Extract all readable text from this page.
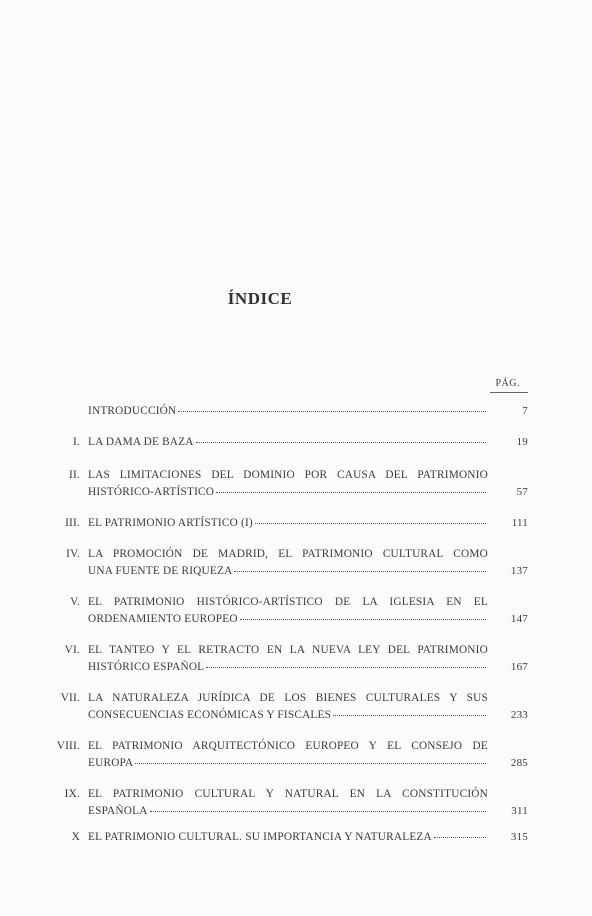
ÍNDICE
PÁG.
INTRODUCCIÓN	7
I. LA DAMA DE BAZA	19
II. LAS LIMITACIONES DEL DOMINIO POR CAUSA DEL PATRIMONIO
HISTÓRICO-ARTÍSTICO	57
III. EL PATRIMONIO ARTÍSTICO (I)	111
IV. LA PROMOCIÓN DE MADRID, EL PATRIMONIO CULTURAL COMO
UNA FUENTE DE RIQUEZA	137
V. EL PATRIMONIO HISTÓRICO-ARTÍSTICO DE LA IGLESIA EN EL
ORDENAMIENTO EUROPEO	147
VI. EL TANTEO Y EL RETRACTO EN LA NUEVA LEY DEL PATRIMONIO
HISTÓRICO ESPAÑOL	167
VII. LA NATURALEZA JURÍDICA DE LOS BIENES CULTURALES Y SUS
CONSECUENCIAS ECONÓMICAS Y FISCALES	233
VIII. EL PATRIMONIO ARQUITECTÓNICO EUROPEO Y EL CONSEJO DE
EUROPA	285
IX. EL PATRIMONIO CULTURAL Y NATURAL EN LA CONSTITUCIÓN
ESPAÑOLA	311
X EL PATRIMONIO CULTURAL. SU IMPORTANCIA Y NATURALEZA	315
